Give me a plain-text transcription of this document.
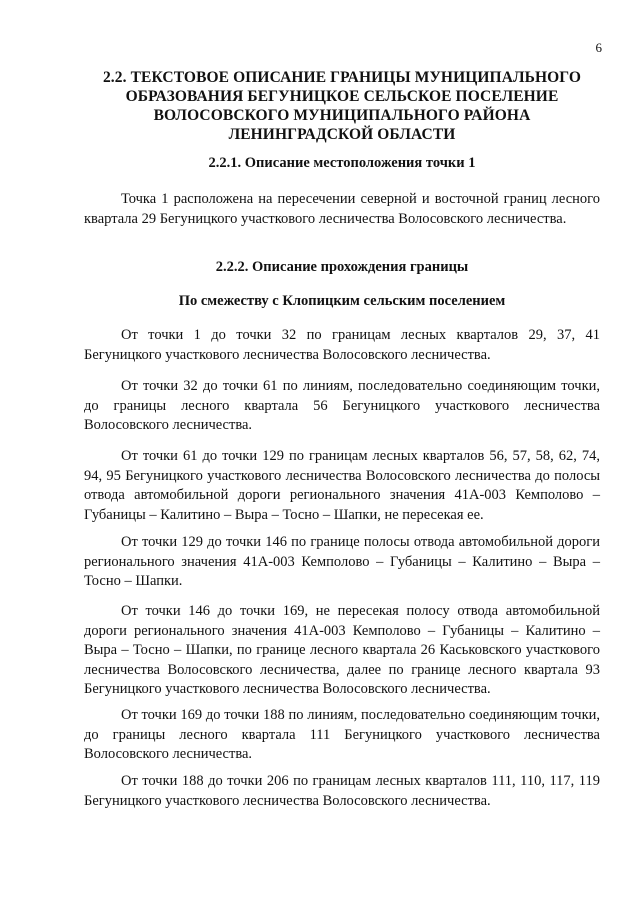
6
2.2. ТЕКСТОВОЕ ОПИСАНИЕ ГРАНИЦЫ МУНИЦИПАЛЬНОГО ОБРАЗОВАНИЯ БЕГУНИЦКОЕ СЕЛЬСКОЕ ПОСЕЛЕНИЕ ВОЛОСОВСКОГО МУНИЦИПАЛЬНОГО РАЙОНА ЛЕНИНГРАДСКОЙ ОБЛАСТИ
2.2.1. Описание местоположения точки 1
Точка 1 расположена на пересечении северной и восточной границ лесного квартала 29 Бегуницкого участкового лесничества Волосовского лесничества.
2.2.2. Описание прохождения границы
По смежеству с Клопицким сельским поселением
От точки 1 до точки 32 по границам лесных кварталов 29, 37, 41 Бегуницкого участкового лесничества Волосовского лесничества.
От точки 32 до точки 61 по линиям, последовательно соединяющим точки, до границы лесного квартала 56 Бегуницкого участкового лесничества Волосовского лесничества.
От точки 61 до точки 129 по границам лесных кварталов 56, 57, 58, 62, 74, 94, 95 Бегуницкого участкового лесничества Волосовского лесничества до полосы отвода автомобильной дороги регионального значения 41А-003 Кемполово – Губаницы – Калитино – Выра – Тосно – Шапки, не пересекая ее.
От точки 129 до точки 146 по границе полосы отвода автомобильной дороги регионального значения 41А-003 Кемполово – Губаницы – Калитино – Выра – Тосно – Шапки.
От точки 146 до точки 169, не пересекая полосу отвода автомобильной дороги регионального значения 41А-003 Кемполово – Губаницы – Калитино – Выра – Тосно – Шапки, по границе лесного квартала 26 Каськовского участкового лесничества Волосовского лесничества, далее по границе лесного квартала 93 Бегуницкого участкового лесничества Волосовского лесничества.
От точки 169 до точки 188 по линиям, последовательно соединяющим точки, до границы лесного квартала 111 Бегуницкого участкового лесничества Волосовского лесничества.
От точки 188 до точки 206 по границам лесных кварталов 111, 110, 117, 119 Бегуницкого участкового лесничества Волосовского лесничества.
